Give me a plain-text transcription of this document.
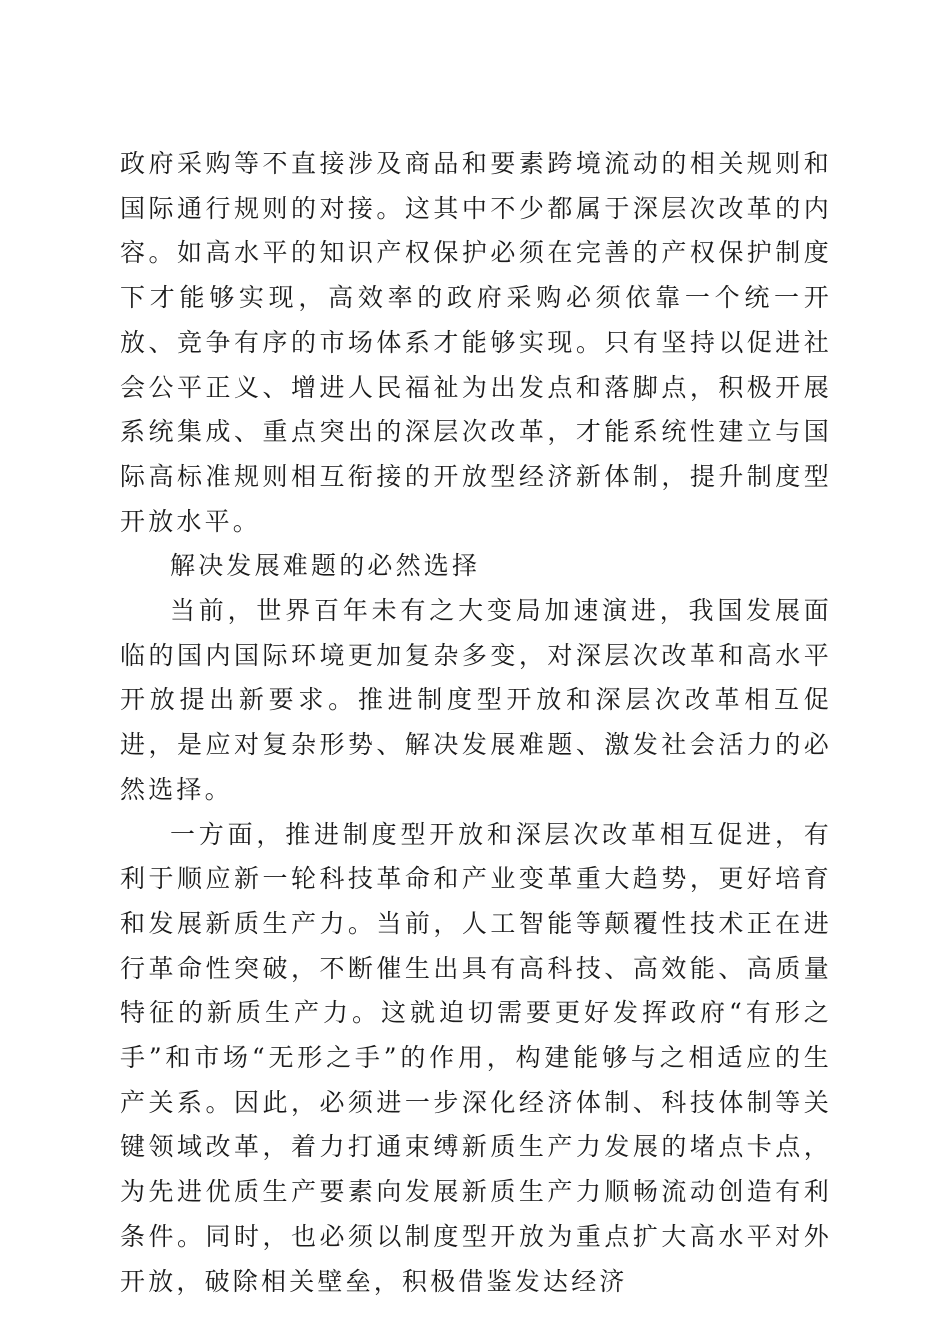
政府采购等不直接涉及商品和要素跨境流动的相关规则和国际通行规则的对接。这其中不少都属于深层次改革的内容。如高水平的知识产权保护必须在完善的产权保护制度下才能够实现，高效率的政府采购必须依靠一个统一开放、竞争有序的市场体系才能够实现。只有坚持以促进社会公平正义、增进人民福祉为出发点和落脚点，积极开展系统集成、重点突出的深层次改革，才能系统性建立与国际高标准规则相互衔接的开放型经济新体制，提升制度型开放水平。

解决发展难题的必然选择

当前，世界百年未有之大变局加速演进，我国发展面临的国内国际环境更加复杂多变，对深层次改革和高水平开放提出新要求。推进制度型开放和深层次改革相互促进，是应对复杂形势、解决发展难题、激发社会活力的必然选择。

一方面，推进制度型开放和深层次改革相互促进，有利于顺应新一轮科技革命和产业变革重大趋势，更好培育和发展新质生产力。当前，人工智能等颠覆性技术正在进行革命性突破，不断催生出具有高科技、高效能、高质量特征的新质生产力。这就迫切需要更好发挥政府“有形之手”和市场“无形之手”的作用，构建能够与之相适应的生产关系。因此，必须进一步深化经济体制、科技体制等关键领域改革，着力打通束缚新质生产力发展的堵点卡点，为先进优质生产要素向发展新质生产力顺畅流动创造有利条件。同时，也必须以制度型开放为重点扩大高水平对外开放，破除相关壁垒，积极借鉴发达经济
